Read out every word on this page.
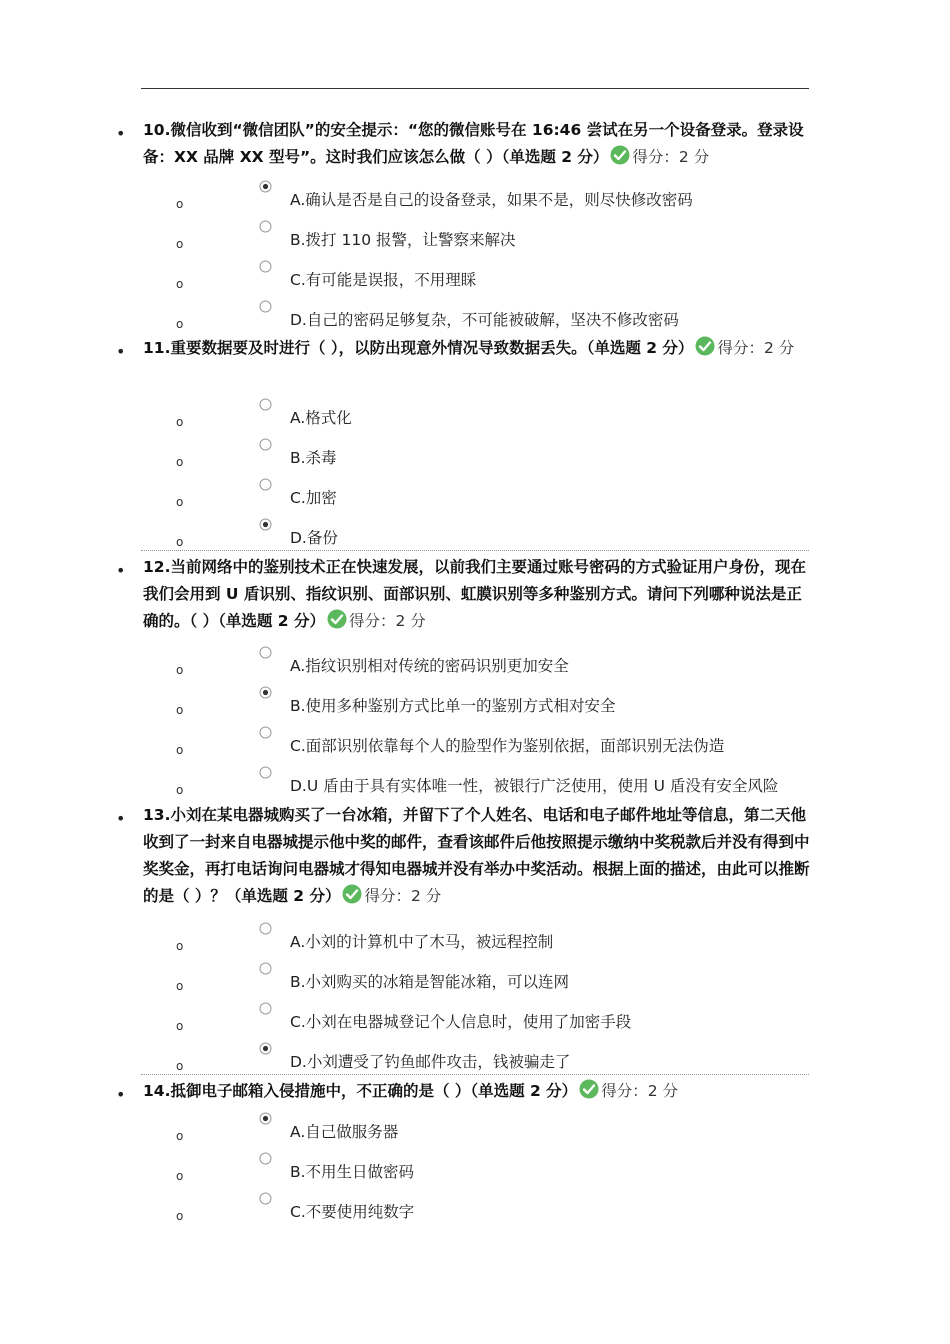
• 10.微信收到“微信团队”的安全提示：“您的微信账号在 16:46 尝试在另一个设备登录。登录设备：XX 品牌 XX 型号”。这时我们应该怎么做（ ）（单选题 2 分） 得分：2 分
o	A.确认是否是自己的设备登录，如果不是，则尽快修改密码
o	B.拨打 110 报警，让警察来解决
o	C.有可能是误报，不用理睬
o	D.自己的密码足够复杂，不可能被破解，坚决不修改密码
• 11.重要数据要及时进行（ ），以防出现意外情况导致数据丢失。（单选题 2 分） 得分：2 分
o	A.格式化
o	B.杀毒
o	C.加密
o	D.备份
• 12.当前网络中的鉴别技术正在快速发展，以前我们主要通过账号密码的方式验证用户身份，现在我们会用到 U 盾识别、指纹识别、面部识别、虹膜识别等多种鉴别方式。请问下列哪种说法是正确的。（ ）（单选题 2 分） 得分：2 分
o	A.指纹识别相对传统的密码识别更加安全
o	B.使用多种鉴别方式比单一的鉴别方式相对安全
o	C.面部识别依靠每个人的脸型作为鉴别依据，面部识别无法伪造
o	D.U 盾由于具有实体唯一性，被银行广泛使用，使用 U 盾没有安全风险
• 13.小刘在某电器城购买了一台冰箱，并留下了个人姓名、电话和电子邮件地址等信息，第二天他收到了一封来自电器城提示他中奖的邮件，查看该邮件后他按照提示缴纳中奖税款后并没有得到中奖奖金，再打电话询问电器城才得知电器城并没有举办中奖活动。根据上面的描述，由此可以推断的是（ ）？（单选题 2 分） 得分：2 分
o	A.小刘的计算机中了木马，被远程控制
o	B.小刘购买的冰箱是智能冰箱，可以连网
o	C.小刘在电器城登记个人信息时，使用了加密手段
o	D.小刘遭受了钓鱼邮件攻击，钱被骗走了
• 14.抵御电子邮箱入侵措施中，不正确的是（ ）（单选题 2 分） 得分：2 分
o	A.自己做服务器
o	B.不用生日做密码
o	C.不要使用纯数字
